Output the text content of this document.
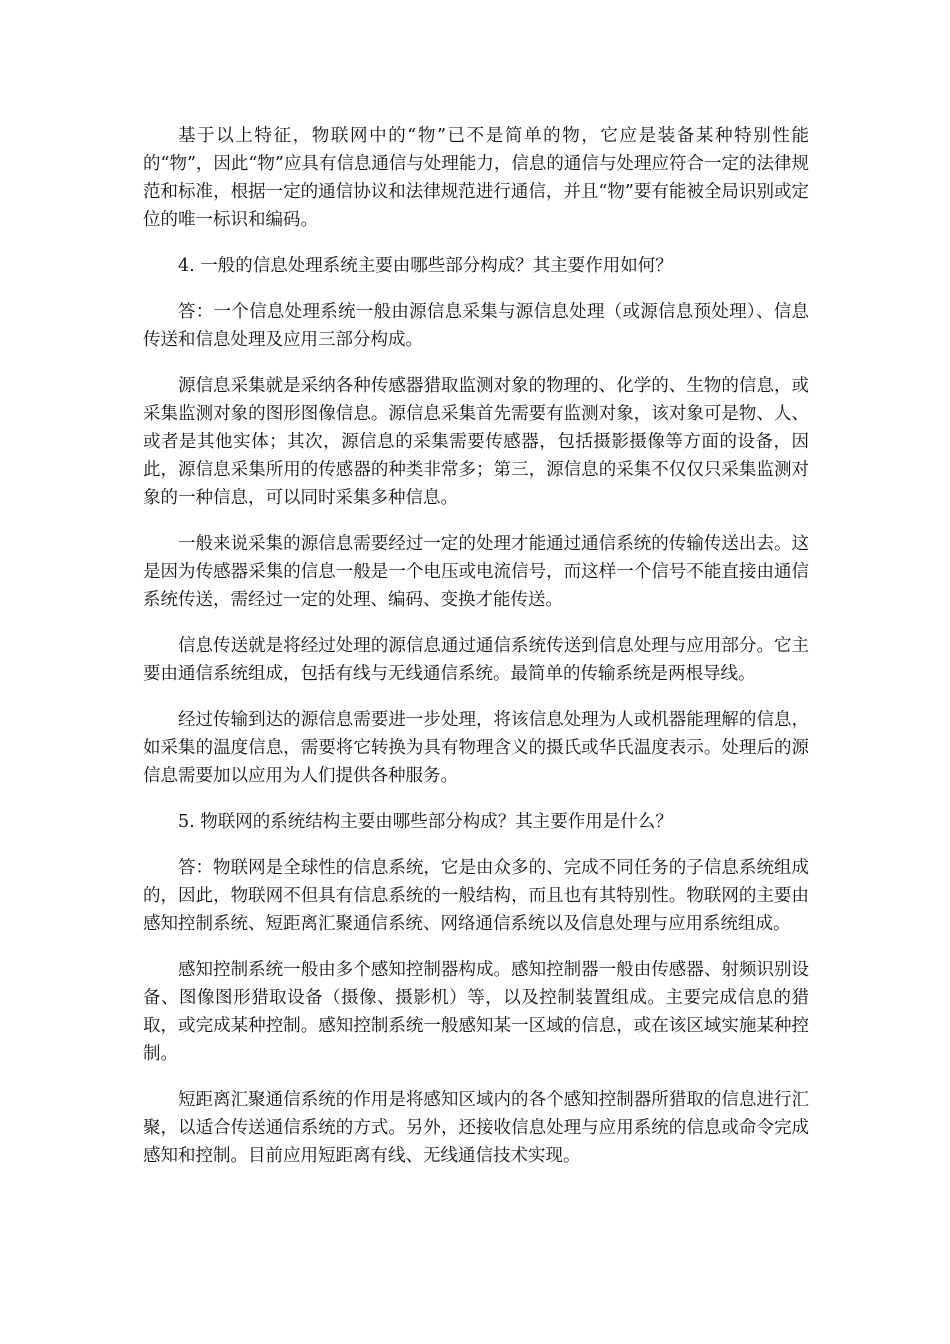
基于以上特征，物联网中的“物”已不是简单的物，它应是装备某种特别性能的“物”，因此“物”应具有信息通信与处理能力，信息的通信与处理应符合一定的法律规范和标准，根据一定的通信协议和法律规范进行通信，并且“物”要有能被全局识别或定位的唯一标识和编码。

4. 一般的信息处理系统主要由哪些部分构成？其主要作用如何？

答：一个信息处理系统一般由源信息采集与源信息处理（或源信息预处理）、信息传送和信息处理及应用三部分构成。

源信息采集就是采纳各种传感器猎取监测对象的物理的、化学的、生物的信息，或采集监测对象的图形图像信息。源信息采集首先需要有监测对象，该对象可是物、人、或者是其他实体；其次，源信息的采集需要传感器，包括摄影摄像等方面的设备，因此，源信息采集所用的传感器的种类非常多；第三，源信息的采集不仅仅只采集监测对象的一种信息，可以同时采集多种信息。

一般来说采集的源信息需要经过一定的处理才能通过通信系统的传输传送出去。这是因为传感器采集的信息一般是一个电压或电流信号，而这样一个信号不能直接由通信系统传送，需经过一定的处理、编码、变换才能传送。

信息传送就是将经过处理的源信息通过通信系统传送到信息处理与应用部分。它主要由通信系统组成，包括有线与无线通信系统。最简单的传输系统是两根导线。

经过传输到达的源信息需要进一步处理，将该信息处理为人或机器能理解的信息，如采集的温度信息，需要将它转换为具有物理含义的摄氏或华氏温度表示。处理后的源信息需要加以应用为人们提供各种服务。

5. 物联网的系统结构主要由哪些部分构成？其主要作用是什么？

答：物联网是全球性的信息系统，它是由众多的、完成不同任务的子信息系统组成的，因此，物联网不但具有信息系统的一般结构，而且也有其特别性。物联网的主要由感知控制系统、短距离汇聚通信系统、网络通信系统以及信息处理与应用系统组成。

感知控制系统一般由多个感知控制器构成。感知控制器一般由传感器、射频识别设备、图像图形猎取设备（摄像、摄影机）等，以及控制装置组成。主要完成信息的猎取，或完成某种控制。感知控制系统一般感知某一区域的信息，或在该区域实施某种控制。

短距离汇聚通信系统的作用是将感知区域内的各个感知控制器所猎取的信息进行汇聚，以适合传送通信系统的方式。另外，还接收信息处理与应用系统的信息或命令完成感知和控制。目前应用短距离有线、无线通信技术实现。
